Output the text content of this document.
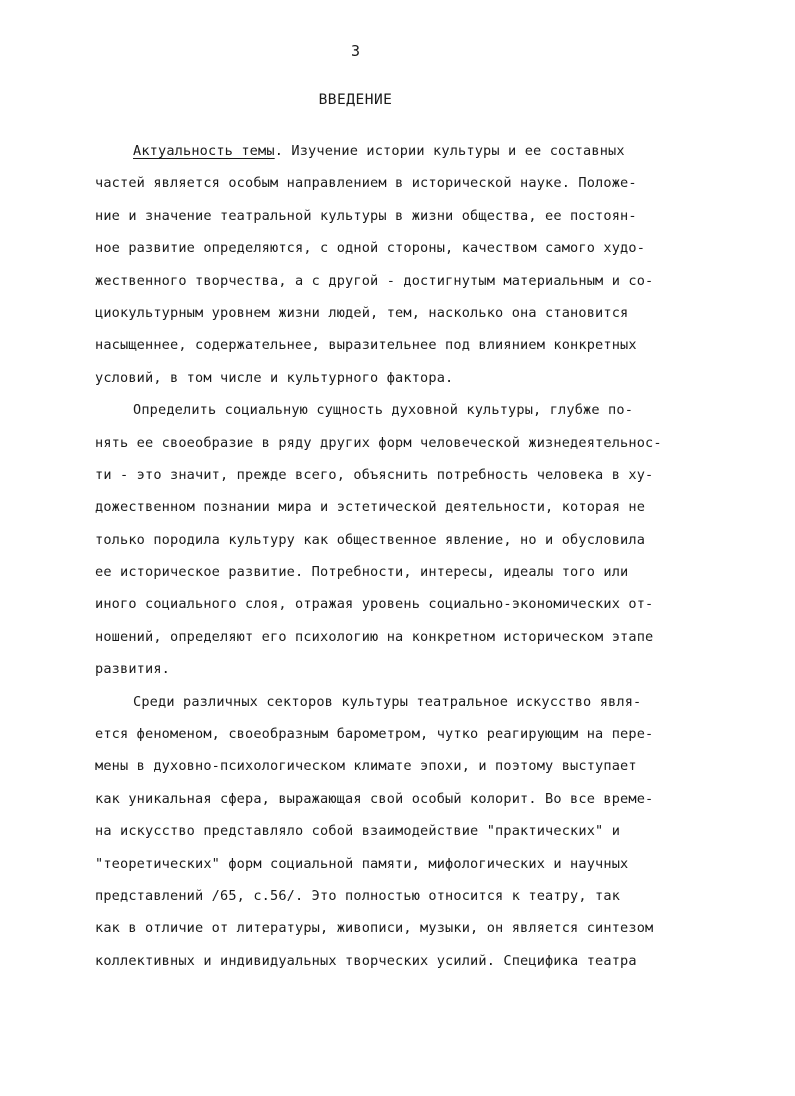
3
ВВЕДЕНИЕ
Актуальность темы. Изучение истории культуры и ее составных
частей является особым направлением в исторической науке. Положе-
ние и значение театральной культуры в жизни общества, ее постоян-
ное развитие определяются, с одной стороны, качеством самого худо-
жественного творчества, а с другой - достигнутым материальным и со-
циокультурным уровнем жизни людей, тем, насколько она становится
насыщеннее, содержательнее, выразительнее под влиянием конкретных
условий, в том числе и культурного фактора.
Определить социальную сущность духовной культуры, глубже по-
нять ее своеобразие в ряду других форм человеческой жизнедеятельнос-
ти - это значит, прежде всего, объяснить потребность человека в ху-
дожественном познании мира и эстетической деятельности, которая не
только породила культуру как общественное явление, но и обусловила
ее историческое развитие. Потребности, интересы, идеалы того или
иного социального слоя, отражая уровень социально-экономических от-
ношений, определяют его психологию на конкретном историческом этапе
развития.
Среди различных секторов культуры театральное искусство явля-
ется феноменом, своеобразным барометром, чутко реагирующим на пере-
мены в духовно-психологическом климате эпохи, и поэтому выступает
как уникальная сфера, выражающая свой особый колорит. Во все време-
на искусство представляло собой взаимодействие "практических" и
"теоретических" форм социальной памяти, мифологических и научных
представлений /65, с.56/. Это полностью относится к театру, так
как в отличие от литературы, живописи, музыки, он является синтезом
коллективных и индивидуальных творческих усилий. Специфика театра
